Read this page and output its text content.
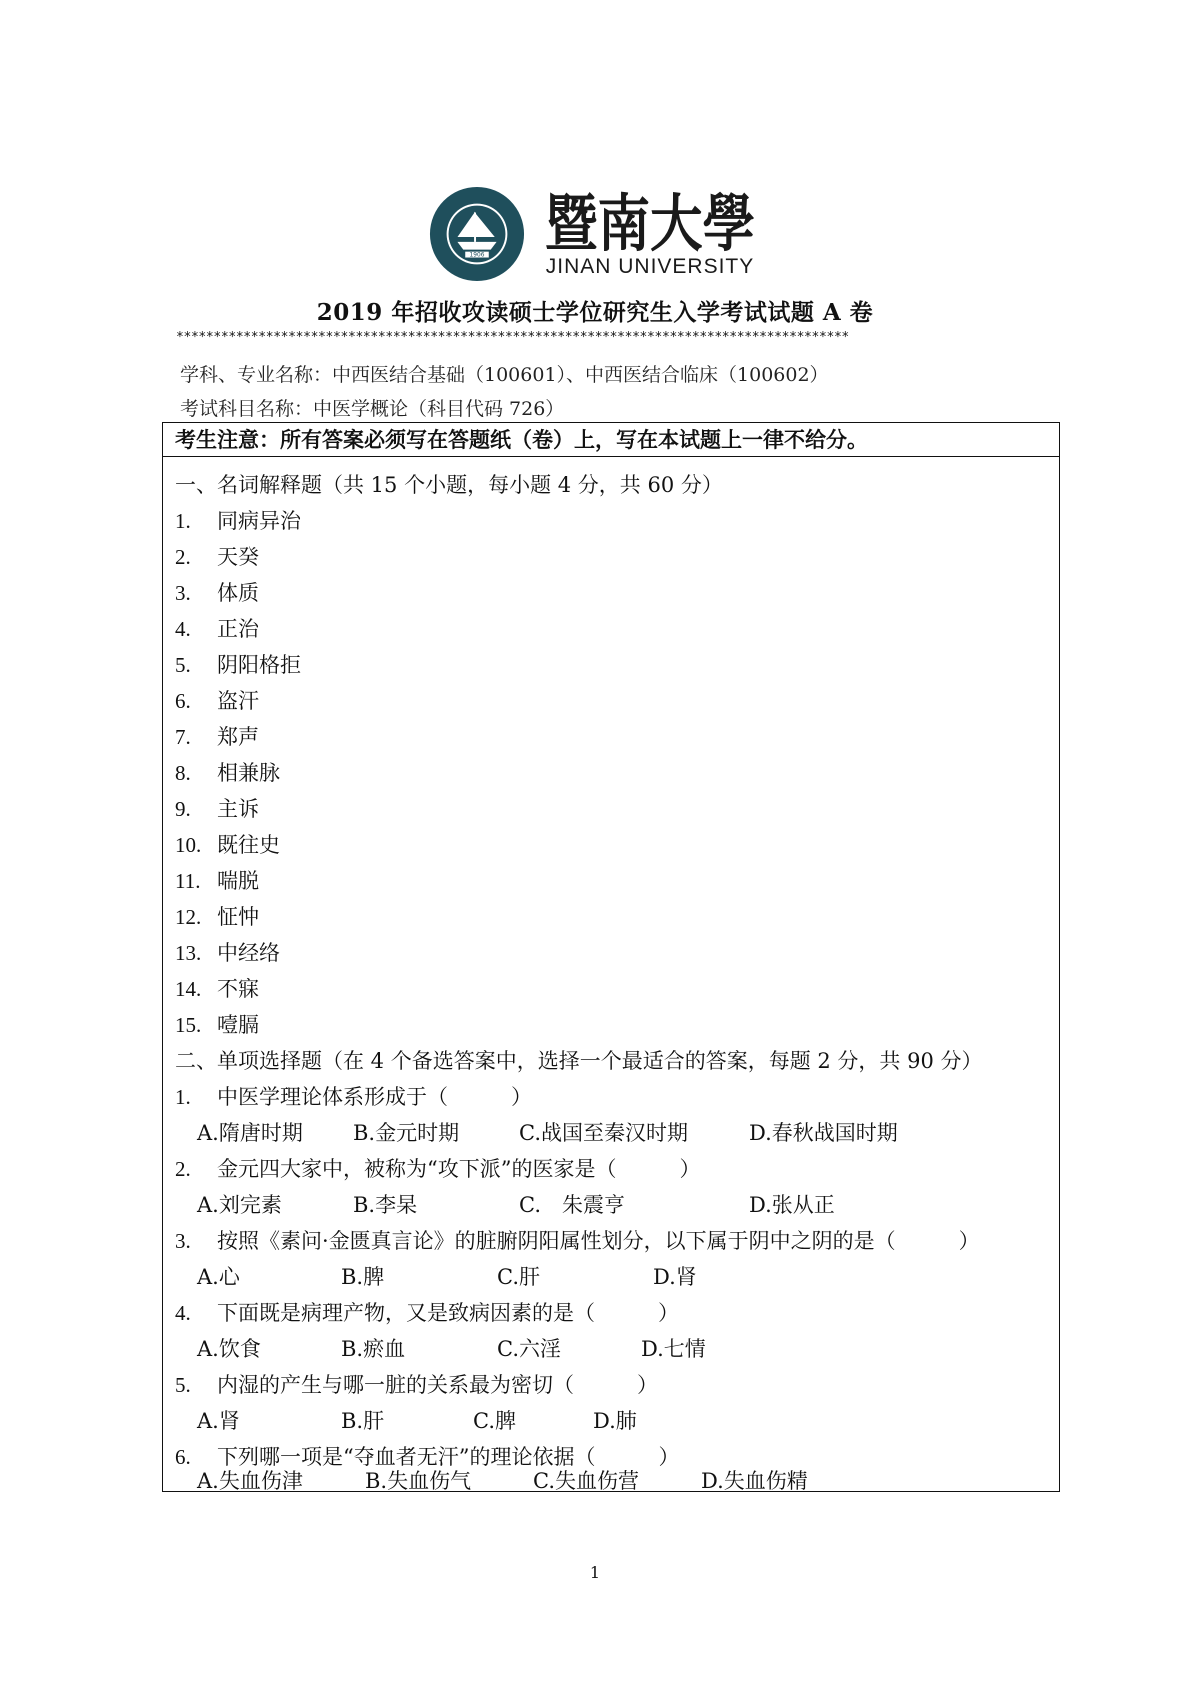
1906 暨南大學
JINAN UNIVERSITY
2019 年招收攻读硕士学位研究生入学考试试题 A 卷
******************************************************************************************
学科、专业名称：中西医结合基础（100601）、中西医结合临床（100602）
考试科目名称：中医学概论（科目代码 726）
考生注意：所有答案必须写在答题纸（卷）上，写在本试题上一律不给分。
一、名词解释题（共 15 个小题，每小题 4 分，共 60 分）
1. 同病异治
2. 天癸
3. 体质
4. 正治
5. 阴阳格拒
6. 盗汗
7. 郑声
8. 相兼脉
9. 主诉
10. 既往史
11. 喘脱
12. 怔忡
13. 中经络
14. 不寐
15. 噎膈
二、单项选择题（在 4 个备选答案中，选择一个最适合的答案，每题 2 分，共 90 分）
1. 中医学理论体系形成于（　　　）
A.隋唐时期 B.金元时期	C.战国至秦汉时期	D.春秋战国时期
2. 金元四大家中，被称为“攻下派”的医家是（　　　）
A.刘完素	B.李杲	C.　朱震亨	D.张从正
3. 按照《素问·金匮真言论》的脏腑阴阳属性划分，以下属于阴中之阴的是（　　　）
A.心	B.脾	C.肝	D.肾
4. 下面既是病理产物，又是致病因素的是（　　　）
A.饮食	B.瘀血	C.六淫	D.七情
5. 内湿的产生与哪一脏的关系最为密切（　　　）
A.肾	B.肝	C.脾	D.肺
6. 下列哪一项是“夺血者无汗”的理论依据（　　　）
A.失血伤津	B.失血伤气	C.失血伤营	D.失血伤精
1
